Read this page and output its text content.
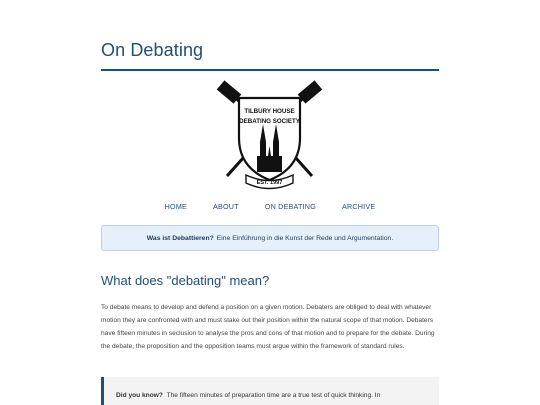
On Debating
TILBURY HOUSE
DEBATING SOCIETY
EST. 1997
HOME	ABOUT	ON DEBATING	ARCHIVE
Was ist Debattieren? Eine Einführung in die Kunst der Rede und Argumentation.
What does "debating" mean?

To debate means to develop and defend a position on a given motion. Debaters are obliged to deal with whatever motion they are confronted with and must stake out their position within the natural scope of that motion. Debaters have fifteen minutes in seclusion to analyse the pros and cons of that motion and to prepare for the debate. During the debate, the proposition and the opposition teams must argue within the framework of standard rules.

Did you know? The fifteen minutes of preparation time are a true test of quick thinking. In
